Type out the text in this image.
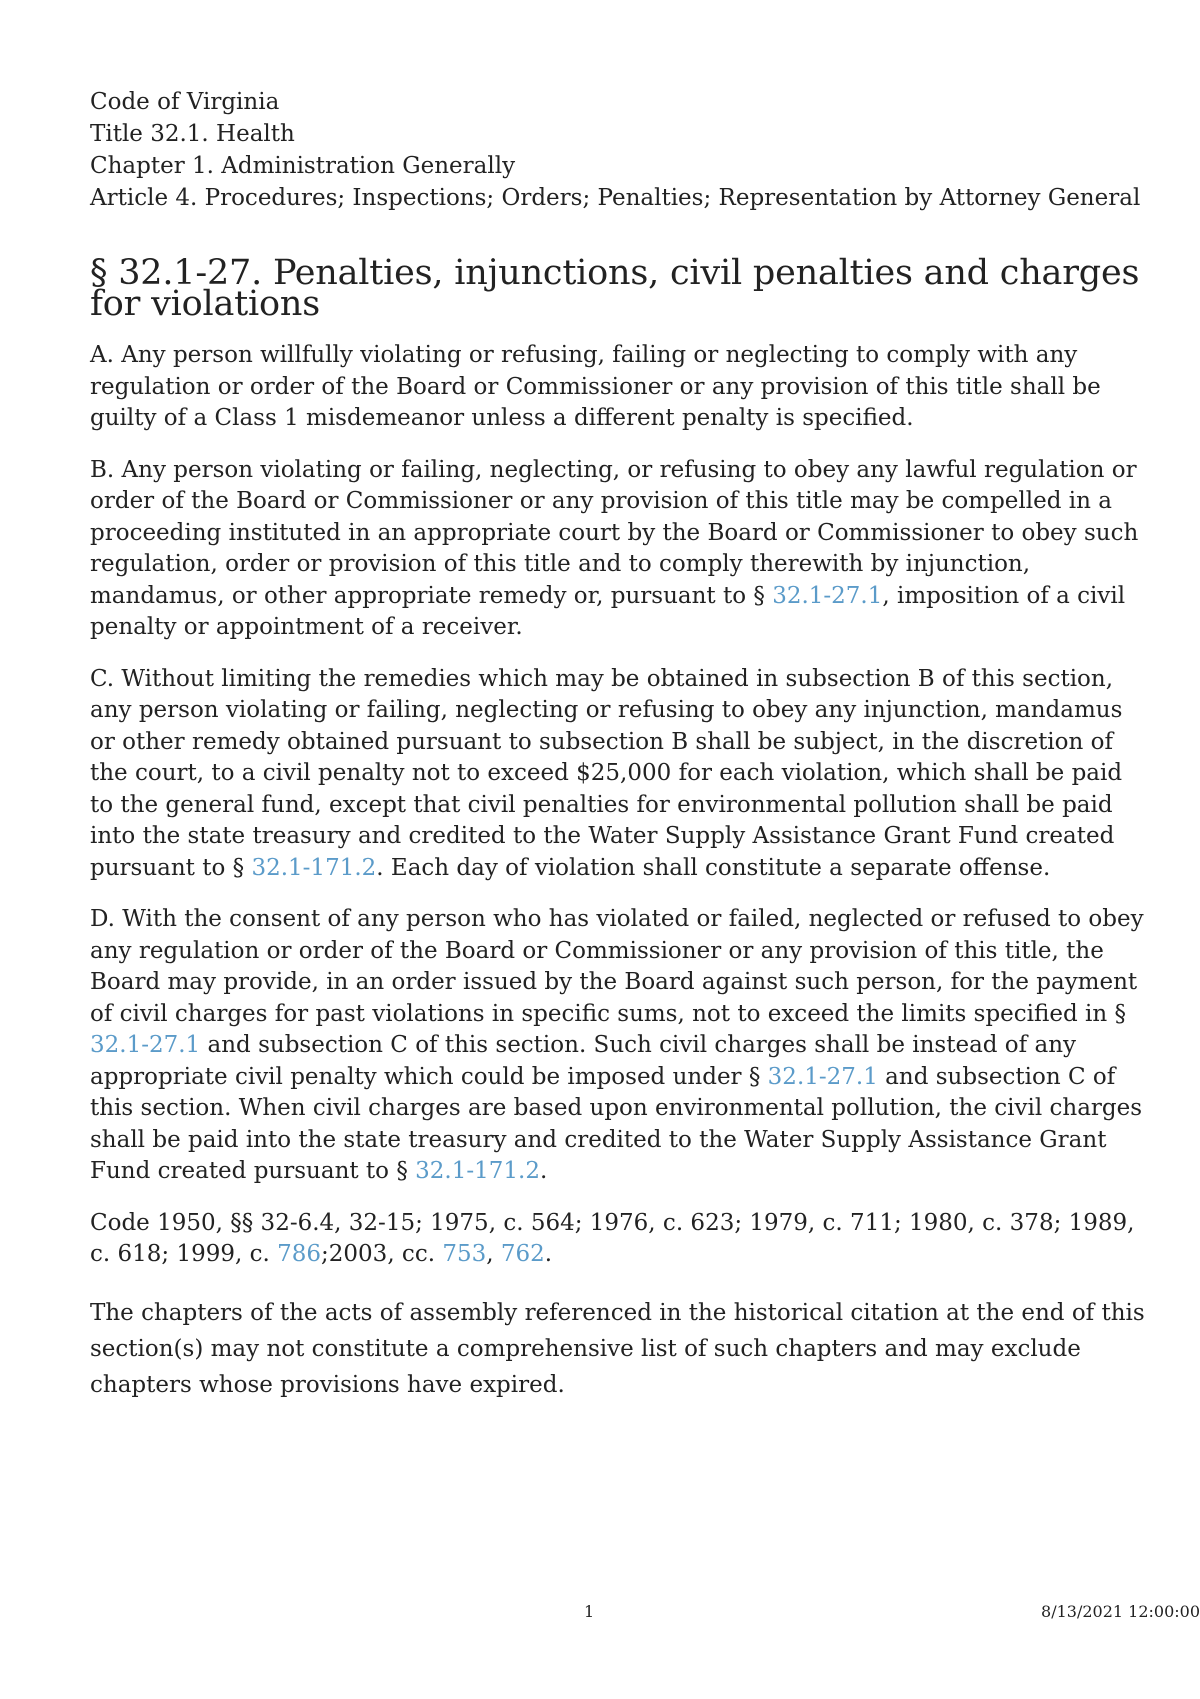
Code of Virginia
Title 32.1. Health
Chapter 1. Administration Generally
Article 4. Procedures; Inspections; Orders; Penalties; Representation by Attorney General
§ 32.1-27. Penalties, injunctions, civil penalties and charges for violations

A. Any person willfully violating or refusing, failing or neglecting to comply with any regulation or order of the Board or Commissioner or any provision of this title shall be guilty of a Class 1 misdemeanor unless a different penalty is specified.

B. Any person violating or failing, neglecting, or refusing to obey any lawful regulation or order of the Board or Commissioner or any provision of this title may be compelled in a proceeding instituted in an appropriate court by the Board or Commissioner to obey such regulation, order or provision of this title and to comply therewith by injunction, mandamus, or other appropriate remedy or, pursuant to § 32.1-27.1, imposition of a civil penalty or appointment of a receiver.

C. Without limiting the remedies which may be obtained in subsection B of this section, any person violating or failing, neglecting or refusing to obey any injunction, mandamus or other remedy obtained pursuant to subsection B shall be subject, in the discretion of the court, to a civil penalty not to exceed $25,000 for each violation, which shall be paid to the general fund, except that civil penalties for environmental pollution shall be paid into the state treasury and credited to the Water Supply Assistance Grant Fund created pursuant to § 32.1-171.2. Each day of violation shall constitute a separate offense.

D. With the consent of any person who has violated or failed, neglected or refused to obey any regulation or order of the Board or Commissioner or any provision of this title, the Board may provide, in an order issued by the Board against such person, for the payment of civil charges for past violations in specific sums, not to exceed the limits specified in § 32.1-27.1 and subsection C of this section. Such civil charges shall be instead of any appropriate civil penalty which could be imposed under § 32.1-27.1 and subsection C of this section. When civil charges are based upon environmental pollution, the civil charges shall be paid into the state treasury and credited to the Water Supply Assistance Grant Fund created pursuant to § 32.1-171.2.

Code 1950, §§ 32-6.4, 32-15; 1975, c. 564; 1976, c. 623; 1979, c. 711; 1980, c. 378; 1989, c. 618; 1999, c. 786;2003, cc. 753, 762.

The chapters of the acts of assembly referenced in the historical citation at the end of this section(s) may not constitute a comprehensive list of such chapters and may exclude chapters whose provisions have expired.

1	8/13/2021 12:00:00
